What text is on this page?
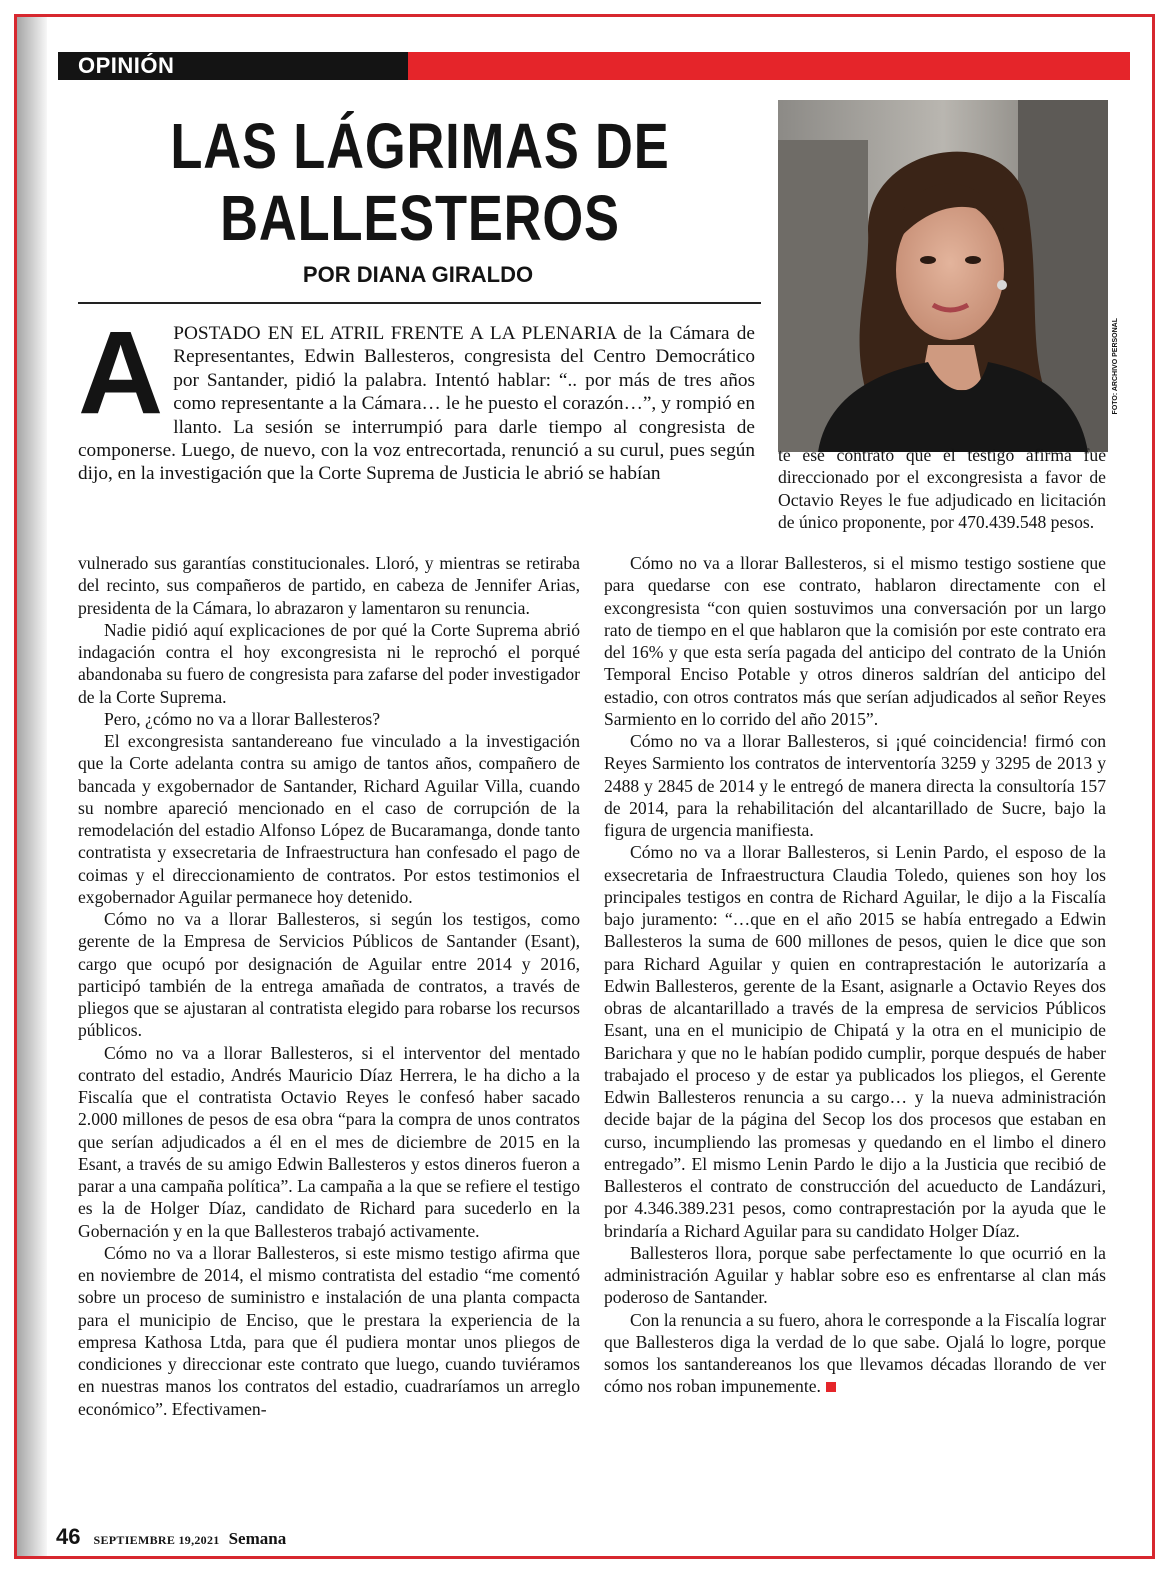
OPINIÓN
LAS LÁGRIMAS DE BALLESTEROS
POR DIANA GIRALDO
FOTO: ARCHIVO PERSONAL

A POSTADO EN EL ATRIL FRENTE A LA PLENARIA de la Cámara de Representantes, Edwin Ballesteros, congresista del Centro Democrático por Santander, pidió la palabra. Intentó hablar: “.. por más de tres años como representante a la Cámara… le he puesto el corazón…”, y rompió en llanto. La sesión se interrumpió para darle tiempo al congresista de componerse. Luego, de nuevo, con la voz entrecortada, renunció a su curul, pues según dijo, en la investigación que la Corte Suprema de Justicia le abrió se habían

te ese contrato que el testigo afirma fue direccionado por el excongresista a favor de Octavio Reyes le fue adjudicado en licitación de único proponente, por 470.439.548 pesos.

vulnerado sus garantías constitucionales. Lloró, y mientras se retiraba del recinto, sus compañeros de partido, en cabeza de Jennifer Arias, presidenta de la Cámara, lo abrazaron y lamentaron su renuncia.

Nadie pidió aquí explicaciones de por qué la Corte Suprema abrió indagación contra el hoy excongresista ni le reprochó el porqué abandonaba su fuero de congresista para zafarse del poder investigador de la Corte Suprema.

Pero, ¿cómo no va a llorar Ballesteros?

El excongresista santandereano fue vinculado a la investigación que la Corte adelanta contra su amigo de tantos años, compañero de bancada y exgobernador de Santander, Richard Aguilar Villa, cuando su nombre apareció mencionado en el caso de corrupción de la remodelación del estadio Alfonso López de Bucaramanga, donde tanto contratista y exsecretaria de Infraestructura han confesado el pago de coimas y el direccionamiento de contratos. Por estos testimonios el exgobernador Aguilar permanece hoy detenido.

Cómo no va a llorar Ballesteros, si según los testigos, como gerente de la Empresa de Servicios Públicos de Santander (Esant), cargo que ocupó por designación de Aguilar entre 2014 y 2016, participó también de la entrega amañada de contratos, a través de pliegos que se ajustaran al contratista elegido para robarse los recursos públicos.

Cómo no va a llorar Ballesteros, si el interventor del mentado contrato del estadio, Andrés Mauricio Díaz Herrera, le ha dicho a la Fiscalía que el contratista Octavio Reyes le confesó haber sacado 2.000 millones de pesos de esa obra “para la compra de unos contratos que serían adjudicados a él en el mes de diciembre de 2015 en la Esant, a través de su amigo Edwin Ballesteros y estos dineros fueron a parar a una campaña política”. La campaña a la que se refiere el testigo es la de Holger Díaz, candidato de Richard para sucederlo en la Gobernación y en la que Ballesteros trabajó activamente.

Cómo no va a llorar Ballesteros, si este mismo testigo afirma que en noviembre de 2014, el mismo contratista del estadio “me comentó sobre un proceso de suministro e instalación de una planta compacta para el municipio de Enciso, que le prestara la experiencia de la empresa Kathosa Ltda, para que él pudiera montar unos pliegos de condiciones y direccionar este contrato que luego, cuando tuviéramos en nuestras manos los contratos del estadio, cuadraríamos un arreglo económico”. Efectivamen-

Cómo no va a llorar Ballesteros, si el mismo testigo sostiene que para quedarse con ese contrato, hablaron directamente con el excongresista “con quien sostuvimos una conversación por un largo rato de tiempo en el que hablaron que la comisión por este contrato era del 16% y que esta sería pagada del anticipo del contrato de la Unión Temporal Enciso Potable y otros dineros saldrían del anticipo del estadio, con otros contratos más que serían adjudicados al señor Reyes Sarmiento en lo corrido del año 2015”.

Cómo no va a llorar Ballesteros, si ¡qué coincidencia! firmó con Reyes Sarmiento los contratos de interventoría 3259 y 3295 de 2013 y 2488 y 2845 de 2014 y le entregó de manera directa la consultoría 157 de 2014, para la rehabilitación del alcantarillado de Sucre, bajo la figura de urgencia manifiesta.

Cómo no va a llorar Ballesteros, si Lenin Pardo, el esposo de la exsecretaria de Infraestructura Claudia Toledo, quienes son hoy los principales testigos en contra de Richard Aguilar, le dijo a la Fiscalía bajo juramento: “…que en el año 2015 se había entregado a Edwin Ballesteros la suma de 600 millones de pesos, quien le dice que son para Richard Aguilar y quien en contraprestación le autorizaría a Edwin Ballesteros, gerente de la Esant, asignarle a Octavio Reyes dos obras de alcantarillado a través de la empresa de servicios Públicos Esant, una en el municipio de Chipatá y la otra en el municipio de Barichara y que no le habían podido cumplir, porque después de haber trabajado el proceso y de estar ya publicados los pliegos, el Gerente Edwin Ballesteros renuncia a su cargo… y la nueva administración decide bajar de la página del Secop los dos procesos que estaban en curso, incumpliendo las promesas y quedando en el limbo el dinero entregado”. El mismo Lenin Pardo le dijo a la Justicia que recibió de Ballesteros el contrato de construcción del acueducto de Landázuri, por 4.346.389.231 pesos, como contraprestación por la ayuda que le brindaría a Richard Aguilar para su candidato Holger Díaz.

Ballesteros llora, porque sabe perfectamente lo que ocurrió en la administración Aguilar y hablar sobre eso es enfrentarse al clan más poderoso de Santander.

Con la renuncia a su fuero, ahora le corresponde a la Fiscalía lograr que Ballesteros diga la verdad de lo que sabe. Ojalá lo logre, porque somos los santandereanos los que llevamos décadas llorando de ver cómo nos roban impunemente.

46 SEPTIEMBRE 19,2021 Semana
